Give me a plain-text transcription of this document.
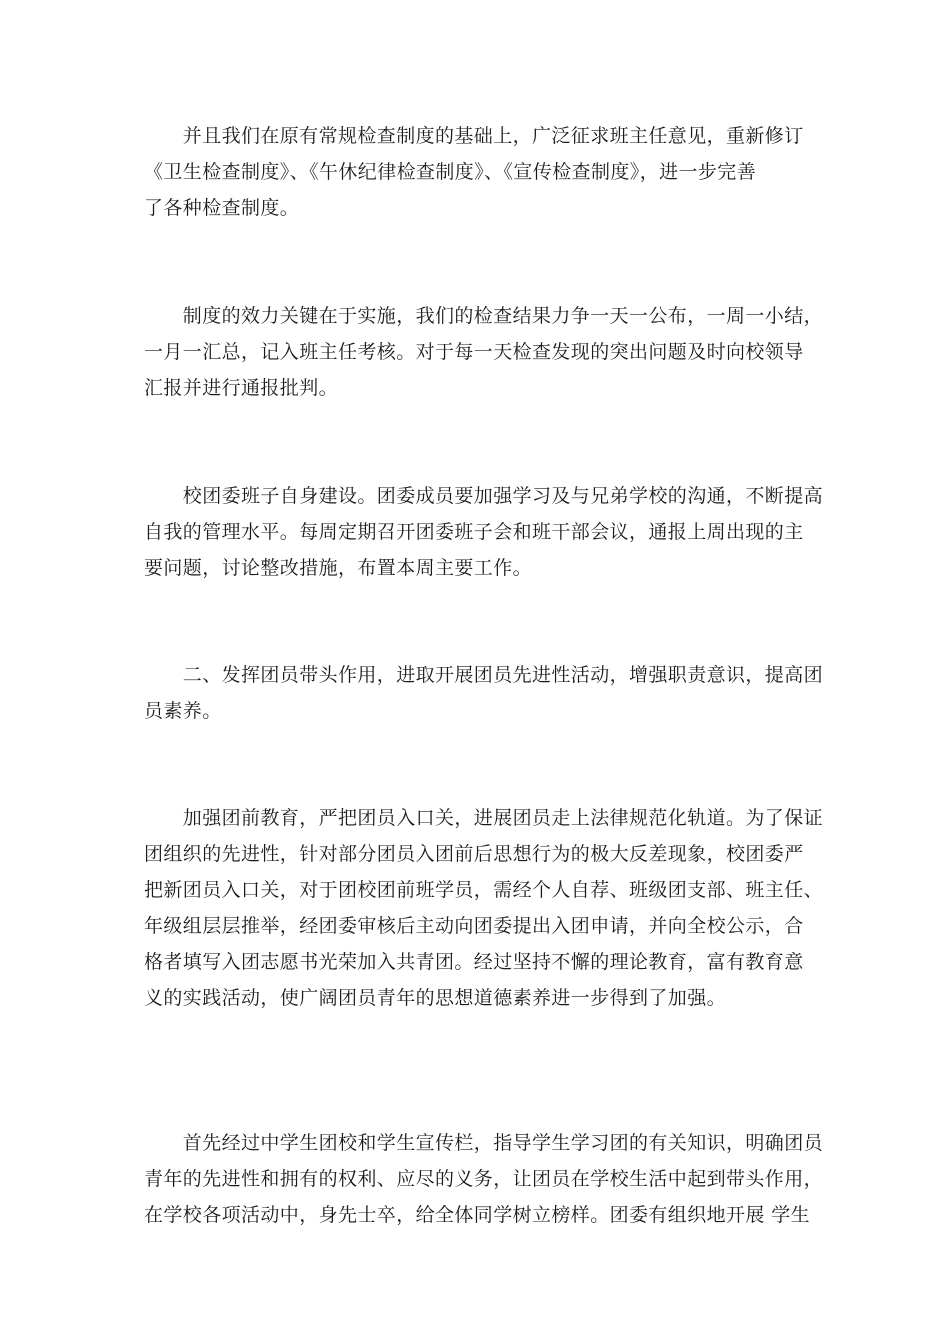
　　并且我们在原有常规检查制度的基础上，广泛征求班主任意见，重新修订
《卫生检查制度》、《午休纪律检查制度》、《宣传检查制度》，进一步完善
了各种检查制度。
　　制度的效力关键在于实施，我们的检查结果力争一天一公布，一周一小结，
一月一汇总，记入班主任考核。对于每一天检查发现的突出问题及时向校领导
汇报并进行通报批判。
　　校团委班子自身建设。团委成员要加强学习及与兄弟学校的沟通，不断提高
自我的管理水平。每周定期召开团委班子会和班干部会议，通报上周出现的主
要问题，讨论整改措施，布置本周主要工作。
　　二、发挥团员带头作用，进取开展团员先进性活动，增强职责意识，提高团
员素养。
　　加强团前教育，严把团员入口关，进展团员走上法律规范化轨道。为了保证
团组织的先进性，针对部分团员入团前后思想行为的极大反差现象，校团委严
把新团员入口关，对于团校团前班学员，需经个人自荐、班级团支部、班主任、
年级组层层推举，经团委审核后主动向团委提出入团申请，并向全校公示，合
格者填写入团志愿书光荣加入共青团。经过坚持不懈的理论教育，富有教育意
义的实践活动，使广阔团员青年的思想道德素养进一步得到了加强。
　　首先经过中学生团校和学生宣传栏，指导学生学习团的有关知识，明确团员
青年的先进性和拥有的权利、应尽的义务，让团员在学校生活中起到带头作用，
在学校各项活动中，身先士卒，给全体同学树立榜样。团委有组织地开展 学生
